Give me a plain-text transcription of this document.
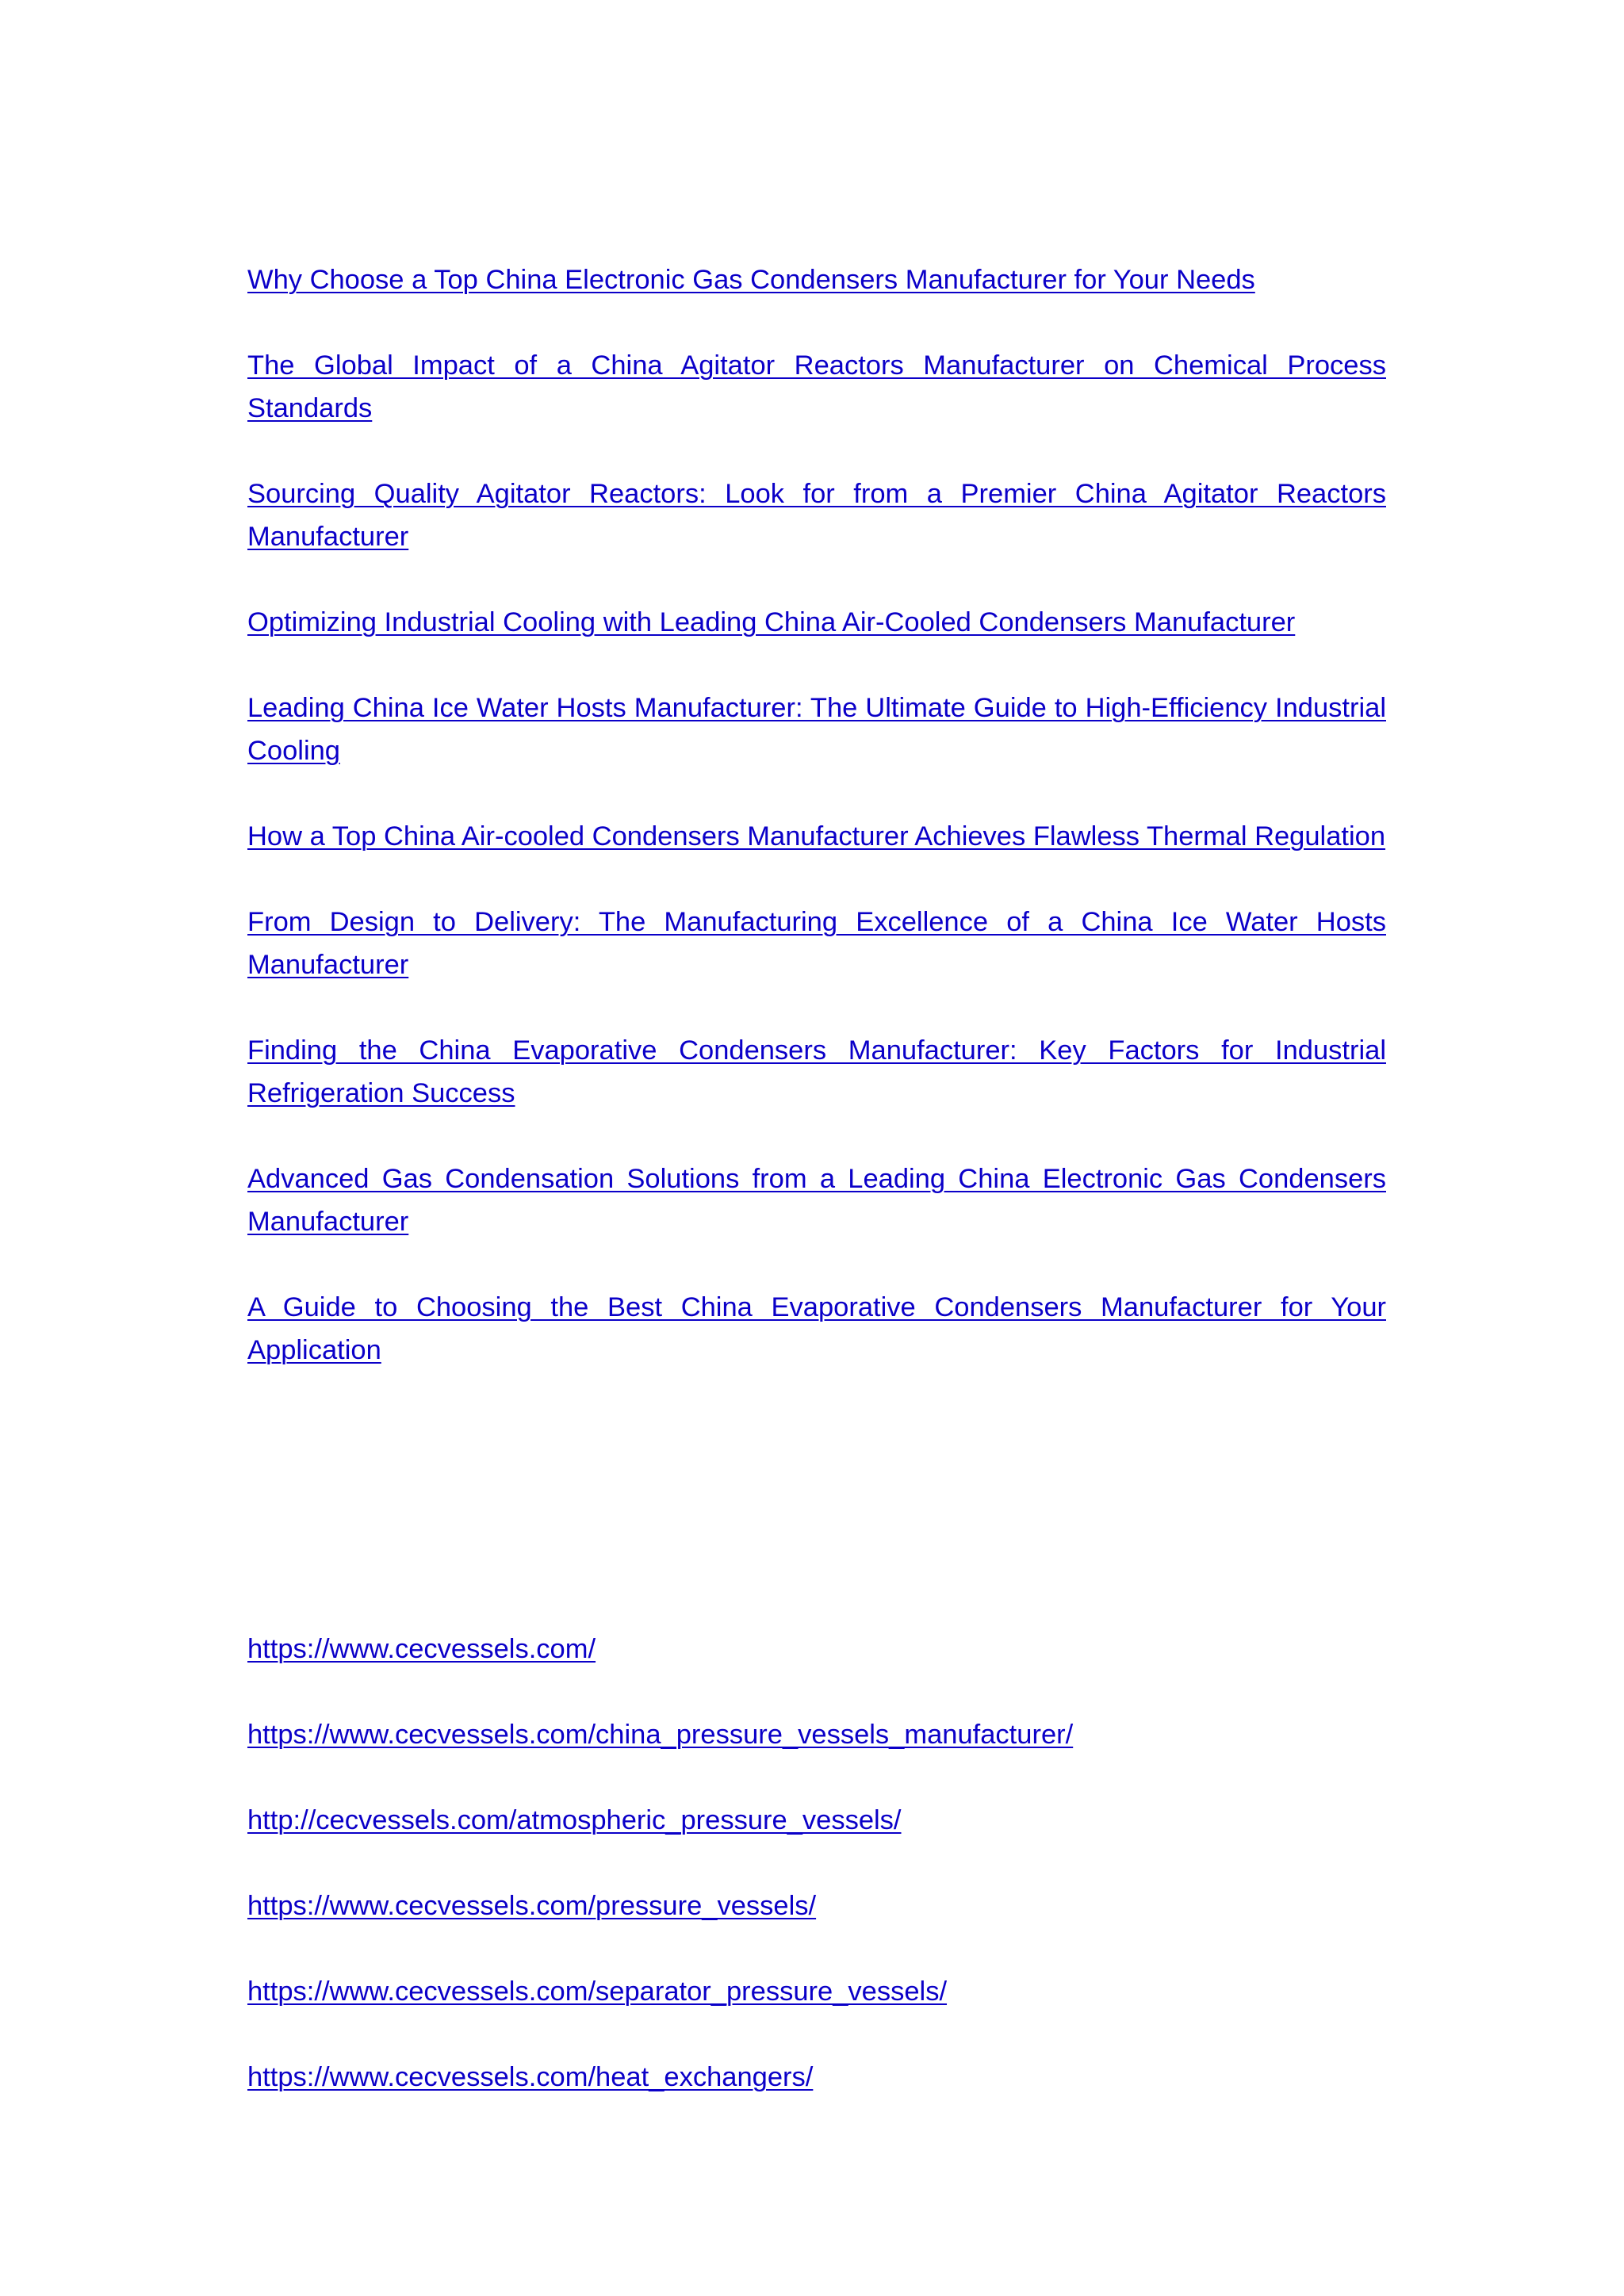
Why Choose a Top China Electronic Gas Condensers Manufacturer for Your Needs
The Global Impact of a China Agitator Reactors Manufacturer on Chemical Process Standards
Sourcing Quality Agitator Reactors: Look for from a Premier China Agitator Reactors Manufacturer
Optimizing Industrial Cooling with Leading China Air-Cooled Condensers Manufacturer
Leading China Ice Water Hosts Manufacturer: The Ultimate Guide to High-Efficiency Industrial Cooling
How a Top China Air-cooled Condensers Manufacturer Achieves Flawless Thermal Regulation
From Design to Delivery: The Manufacturing Excellence of a China Ice Water Hosts Manufacturer
Finding the China Evaporative Condensers Manufacturer: Key Factors for Industrial Refrigeration Success
Advanced Gas Condensation Solutions from a Leading China Electronic Gas Condensers Manufacturer
A Guide to Choosing the Best China Evaporative Condensers Manufacturer for Your Application
https://www.cecvessels.com/
https://www.cecvessels.com/china_pressure_vessels_manufacturer/
http://cecvessels.com/atmospheric_pressure_vessels/
https://www.cecvessels.com/pressure_vessels/
https://www.cecvessels.com/separator_pressure_vessels/
https://www.cecvessels.com/heat_exchangers/
